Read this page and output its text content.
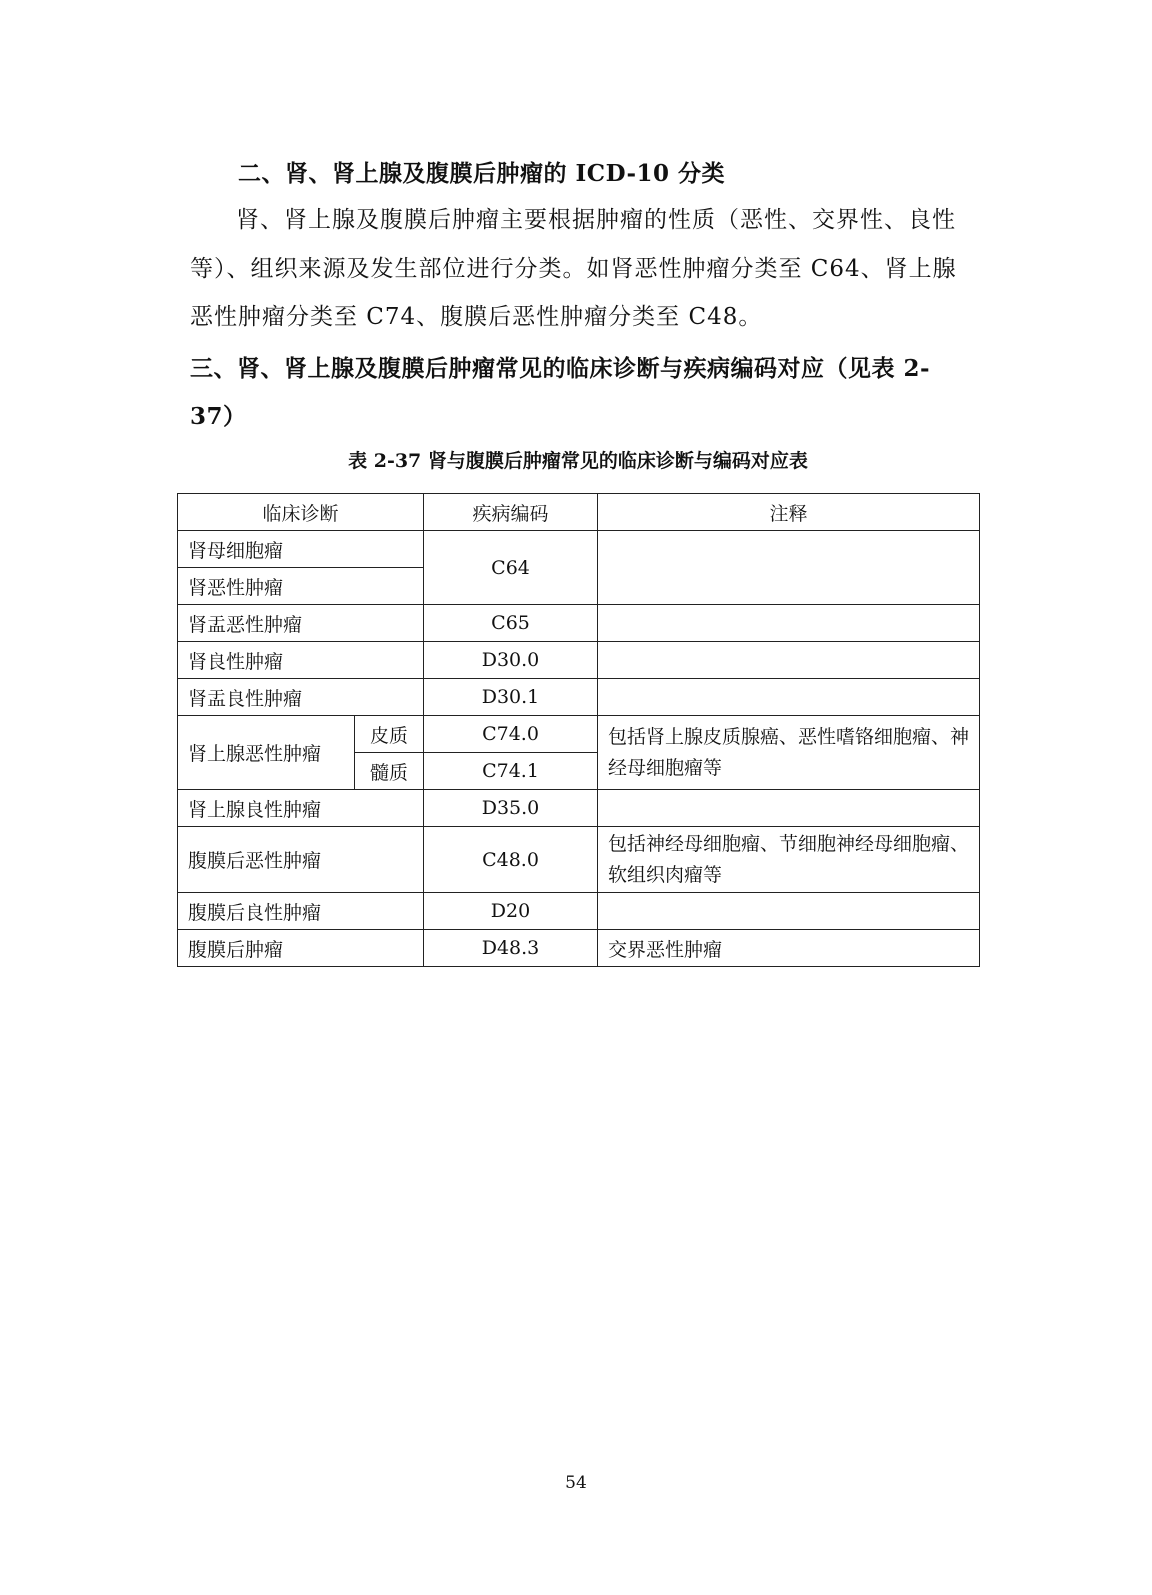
二、肾、肾上腺及腹膜后肿瘤的 ICD-10 分类
肾、肾上腺及腹膜后肿瘤主要根据肿瘤的性质（恶性、交界性、良性等）、组织来源及发生部位进行分类。如肾恶性肿瘤分类至 C64、肾上腺恶性肿瘤分类至 C74、腹膜后恶性肿瘤分类至 C48。
三、肾、肾上腺及腹膜后肿瘤常见的临床诊断与疾病编码对应（见表 2-37）
表 2-37 肾与腹膜后肿瘤常见的临床诊断与编码对应表
临床诊断		疾病编码	注释
肾母细胞瘤		C64	
肾恶性肿瘤			
肾盂恶性肿瘤		C65	
肾良性肿瘤		D30.0	
肾盂良性肿瘤		D30.1	
肾上腺恶性肿瘤	皮质	C74.0	包括肾上腺皮质腺癌、恶性嗜铬细胞瘤、神经母细胞瘤等
	髓质	C74.1	
肾上腺良性肿瘤		D35.0	
腹膜后恶性肿瘤		C48.0	包括神经母细胞瘤、节细胞神经母细胞瘤、软组织肉瘤等
腹膜后良性肿瘤		D20	
腹膜后肿瘤		D48.3	交界恶性肿瘤
54
